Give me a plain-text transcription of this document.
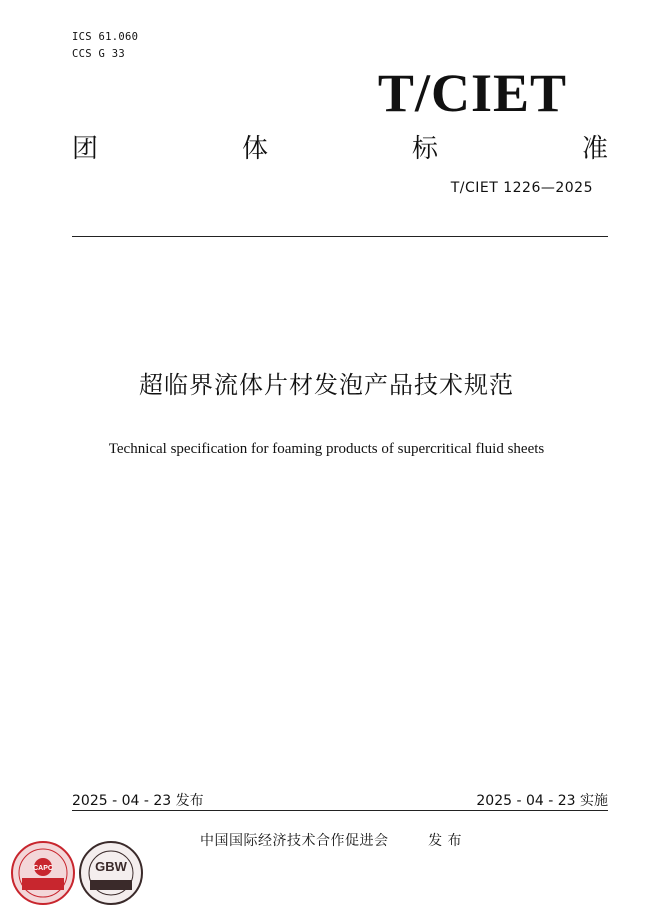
ICS 61.060
CCS G 33
T/CIET
团	体	标	准
T/CIET 1226—2025
超临界流体片材发泡产品技术规范
Technical specification for foaming products of supercritical fluid sheets
2025 - 04 - 23 发布	2025 - 04 - 23 实施
中国国际经济技术合作促进会        发 布
CAPC	GBW
